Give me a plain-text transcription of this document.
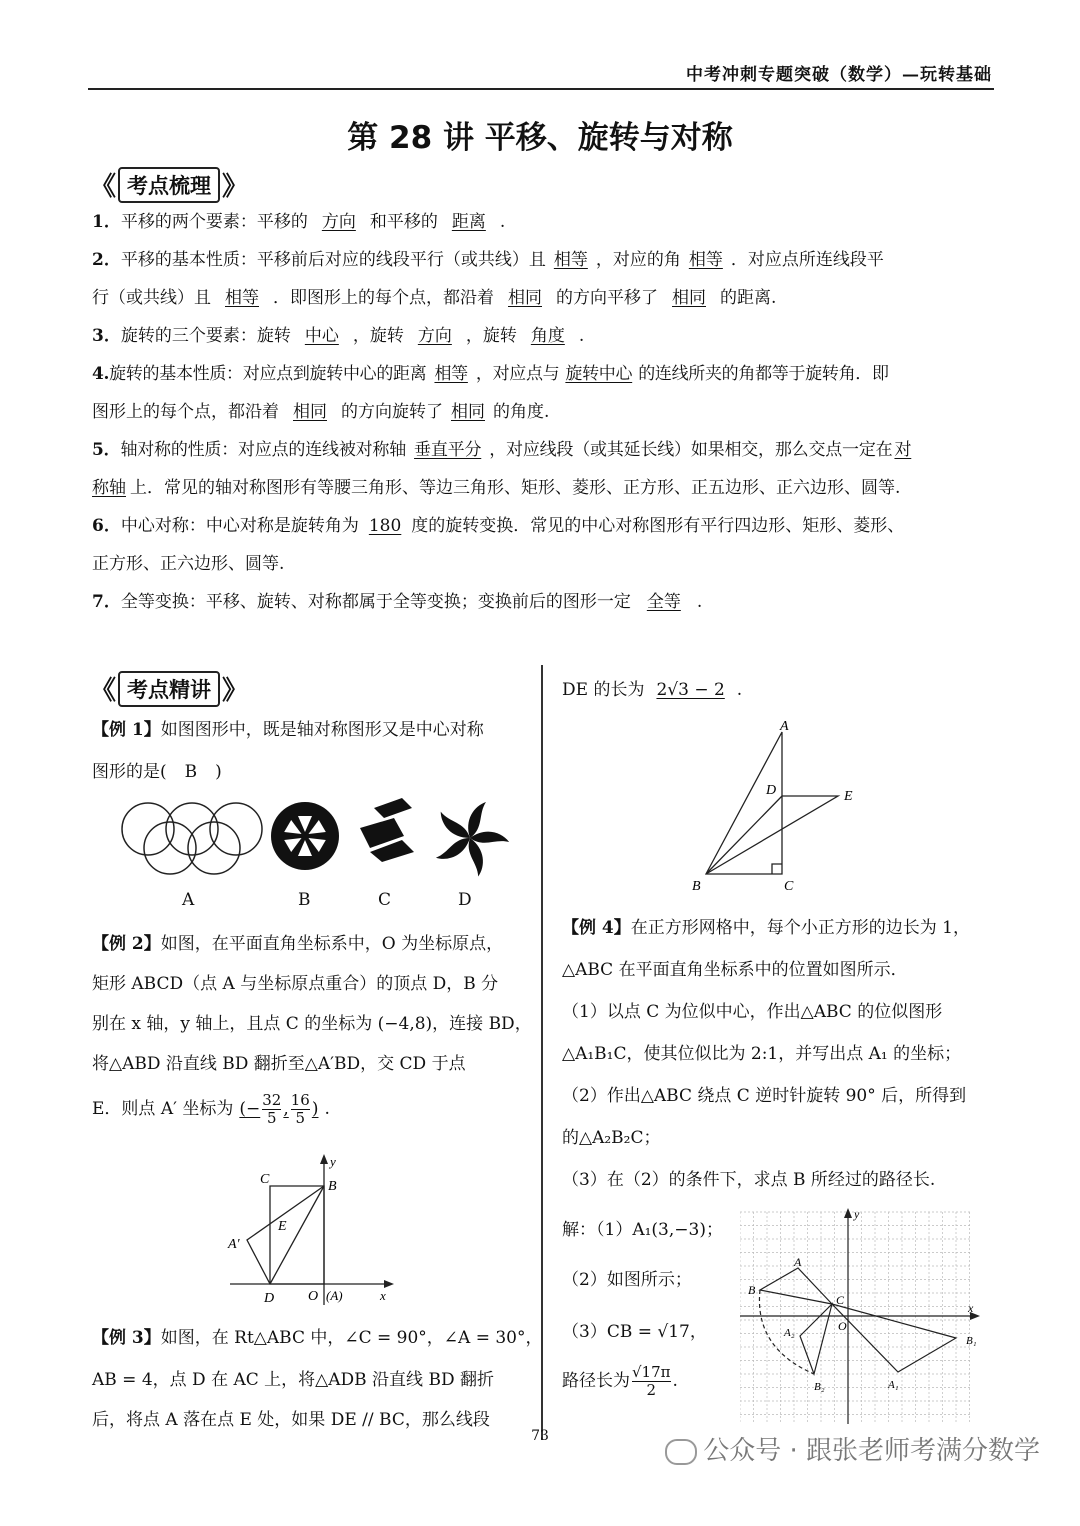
中考冲刺专题突破（数学）—玩转基础
第 28 讲 平移、旋转与对称
《 考点梳理 》
1．平移的两个要素：平移的 方向 和平移的 距离 .
2．平移的基本性质：平移前后对应的线段平行（或共线）且 相等 ，对应的角 相等 ．对应点所连线段平
行（或共线）且 相等 ．即图形上的每个点，都沿着 相同 的方向平移了 相同 的距离.
3．旋转的三个要素：旋转 中心 ，旋转 方向 ，旋转 角度 .
4.旋转的基本性质：对应点到旋转中心的距离 相等 ，对应点与 旋转中心 的连线所夹的角都等于旋转角．即
图形上的每个点，都沿着 相同 的方向旋转了 相同 的角度.
5．轴对称的性质：对应点的连线被对称轴 垂直平分 ，对应线段（或其延长线）如果相交，那么交点一定在 对
称轴 上．常见的轴对称图形有等腰三角形、等边三角形、矩形、菱形、正方形、正五边形、正六边形、圆等.
6．中心对称：中心对称是旋转角为 180 度的旋转变换．常见的中心对称图形有平行四边形、矩形、菱形、
正方形、正六边形、圆等.
7．全等变换：平移、旋转、对称都属于全等变换；变换前后的图形一定 全等 .
《 考点精讲 》
【例 1】如图图形中，既是轴对称图形又是中心对称
图形的是( B )
A	B	C	D
【例 2】如图，在平面直角坐标系中，O 为坐标原点，
矩形 ABCD（点 A 与坐标原点重合）的顶点 D，B 分
别在 x 轴，y 轴上，且点 C 的坐标为 (−4,8)，连接 BD，
将△ABD 沿直线 BD 翻折至△A′BD，交 CD 于点
E．则点 A′ 坐标为 (− $\frac{32}{5}$ , $\frac{16}{5}$ ) .
C	B
y
E
A′
D O (A)	x
【例 3】如图，在 Rt△ABC 中，∠C = 90°，∠A = 30°，
AB = 4，点 D 在 AC 上，将△ADB 沿直线 BD 翻折
后，将点 A 落在点 E 处，如果 DE // BC，那么线段
DE 的长为 2√3 − 2 .
A
D	E
B	C
【例 4】在正方形网格中，每个小正方形的边长为 1，
△ABC 在平面直角坐标系中的位置如图所示．
（1）以点 C 为位似中心，作出△ABC 的位似图形
△A₁B₁C，使其位似比为 2:1，并写出点 A₁ 的坐标；
（2）作出△ABC 绕点 C 逆时针旋转 90° 后，所得到
的△A₂B₂C；
（3）在（2）的条件下，求点 B 所经过的路径长.
解：（1）A₁(3,−3)；
（2）如图所示；
（3）CB = √17，
路径长为 $\frac{√17\pi}{2}$ .
y
x
A
B
C
O
A₂
B₂	A₁
B₁
73	公众号 · 跟张老师考满分数学
